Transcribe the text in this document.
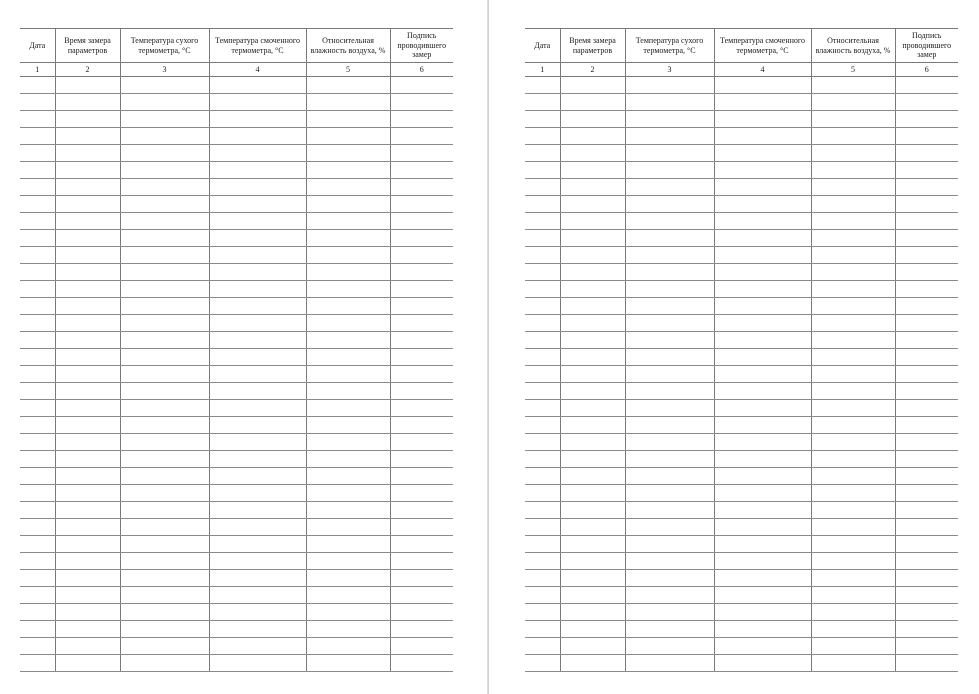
Дата	Время замера параметров	Температура сухого термометра, °С	Температура смоченного термометра, °С	Относительная влажность воздуха, %	Подпись проводившего замер
1	2	3	4	5	6

Дата	Время замера параметров	Температура сухого термометра, °С	Температура смоченного термометра, °С	Относительная влажность воздуха, %	Подпись проводившего замер
1	2	3	4	5	6
